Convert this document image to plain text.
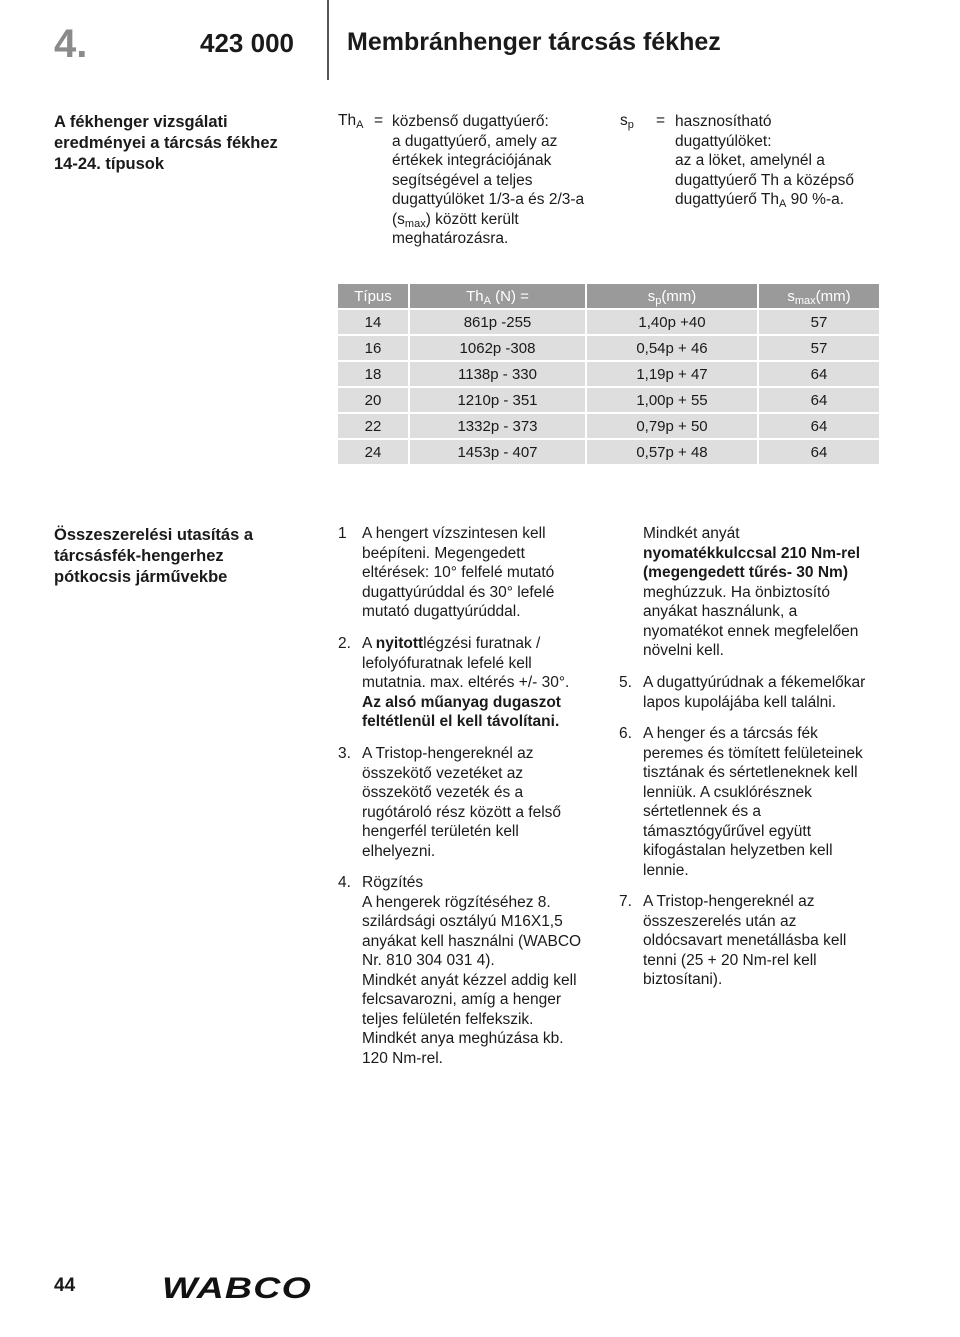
4.	423 000 Membránhenger tárcsás fékhez
A fékhenger vizsgálati
eredményei a tárcsás fékhez
14-24. típusok
$Th_A$ = közbenső dugattyúerő:
a dugattyúerő, amely az
értékek integrációjának
segítségével a teljes
dugattyúlöket 1/3-a és 2/3-a
$(s_{max})$ között került
meghatározásra.
$s_p$ = hasznosítható
dugattyúlöket:
az a löket, amelynél a
dugattyúerő Th a középső
dugattyúerő $Th_A$ 90 %-a.
Típus	$Th_A$ (N) =	$s_p(mm)$	$s_{max}(mm)$
14	861p -255	1,40p +40	57
16	1062p -308	0,54p + 46	57
18	1138p - 330	1,19p + 47	64
20	1210p - 351	1,00p + 55	64
22	1332p - 373	0,79p + 50	64
24	1453p - 407	0,57p + 48	64
Összeszerelési utasítás a
tárcsásfék-hengerhez
pótkocsis járművekbe
1 A hengert vízszintesen kell
beépíteni. Megengedett
eltérések: 10° felfelé mutató
dugattyúrúddal és 30° lefelé
mutató dugattyúrúddal.
2. A nyitottlégzési furatnak /
lefolyófuratnak lefelé kell
mutatnia. max. eltérés +/- 30°.
Az alsó műanyag dugaszot
feltétlenül el kell távolítani.
3. A Tristop-hengereknél az
összekötő vezetéket az
összekötő vezeték és a
rugótároló rész között a felső
hengerfél területén kell
elhelyezni.
4. Rögzítés
A hengerek rögzítéséhez 8.
szilárdsági osztályú M16X1,5
anyákat kell használni (WABCO
Nr. 810 304 031 4).
Mindkét anyát kézzel addig kell
felcsavarozni, amíg a henger
teljes felületén felfekszik.
Mindkét anya meghúzása kb.
120 Nm-rel.
Mindkét anyát
nyomatékkulccsal 210 Nm-rel
(megengedett tűrés- 30 Nm)
meghúzzuk. Ha önbiztosító
anyákat használunk, a
nyomatékot ennek megfelelően
növelni kell.
5. A dugattyúrúdnak a fékemelőkar
lapos kupolájába kell találni.
6. A henger és a tárcsás fék
peremes és tömített felületeinek
tisztának és sértetleneknek kell
lenniük. A csuklórésznek
sértetlennek és a
támasztógyűrűvel együtt
kifogástalan helyzetben kell
lennie.
7. A Tristop-hengereknél az
összeszerelés után az
oldócsavart menetállásba kell
tenni (25 + 20 Nm-rel kell
biztosítani).
44	WABCO
